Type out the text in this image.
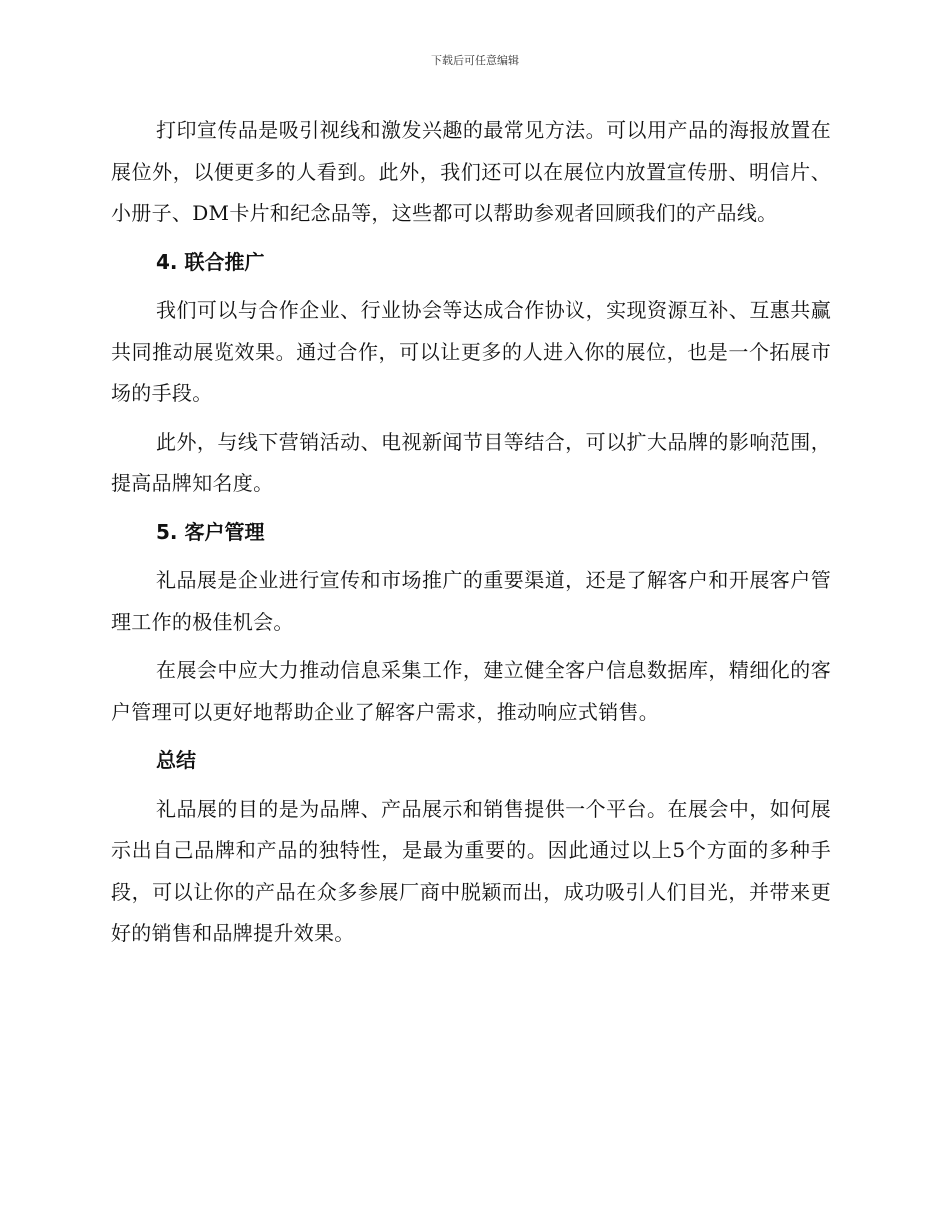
下载后可任意编辑

打印宣传品是吸引视线和激发兴趣的最常见方法。可以用产品的海报放置在展位外，以便更多的人看到。此外，我们还可以在展位内放置宣传册、明信片、小册子、DM卡片和纪念品等，这些都可以帮助参观者回顾我们的产品线。

4. 联合推广

我们可以与合作企业、行业协会等达成合作协议，实现资源互补、互惠共赢共同推动展览效果。通过合作，可以让更多的人进入你的展位，也是一个拓展市场的手段。

此外，与线下营销活动、电视新闻节目等结合，可以扩大品牌的影响范围，提高品牌知名度。

5. 客户管理

礼品展是企业进行宣传和市场推广的重要渠道，还是了解客户和开展客户管理工作的极佳机会。

在展会中应大力推动信息采集工作，建立健全客户信息数据库，精细化的客户管理可以更好地帮助企业了解客户需求，推动响应式销售。

总结

礼品展的目的是为品牌、产品展示和销售提供一个平台。在展会中，如何展示出自己品牌和产品的独特性，是最为重要的。因此通过以上5个方面的多种手段，可以让你的产品在众多参展厂商中脱颖而出，成功吸引人们目光，并带来更好的销售和品牌提升效果。
